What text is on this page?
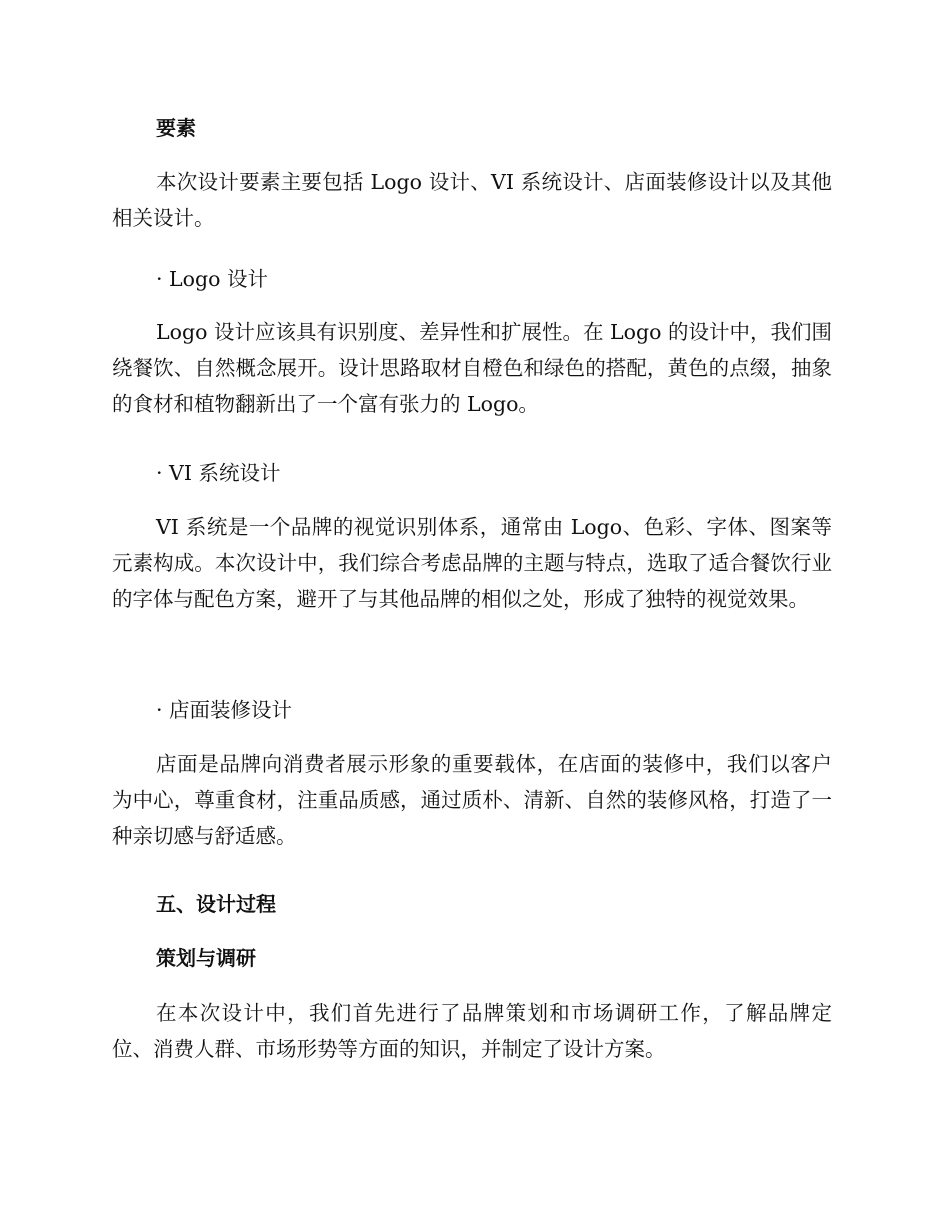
要素

本次设计要素主要包括 Logo 设计、VI 系统设计、店面装修设计以及其他相关设计。

· Logo 设计

Logo 设计应该具有识别度、差异性和扩展性。在 Logo 的设计中，我们围绕餐饮、自然概念展开。设计思路取材自橙色和绿色的搭配，黄色的点缀，抽象的食材和植物翻新出了一个富有张力的 Logo。

· VI 系统设计

VI 系统是一个品牌的视觉识别体系，通常由 Logo、色彩、字体、图案等元素构成。本次设计中，我们综合考虑品牌的主题与特点，选取了适合餐饮行业的字体与配色方案，避开了与其他品牌的相似之处，形成了独特的视觉效果。

· 店面装修设计

店面是品牌向消费者展示形象的重要载体，在店面的装修中，我们以客户为中心，尊重食材，注重品质感，通过质朴、清新、自然的装修风格，打造了一种亲切感与舒适感。

五、设计过程

策划与调研

在本次设计中，我们首先进行了品牌策划和市场调研工作，了解品牌定位、消费人群、市场形势等方面的知识，并制定了设计方案。
